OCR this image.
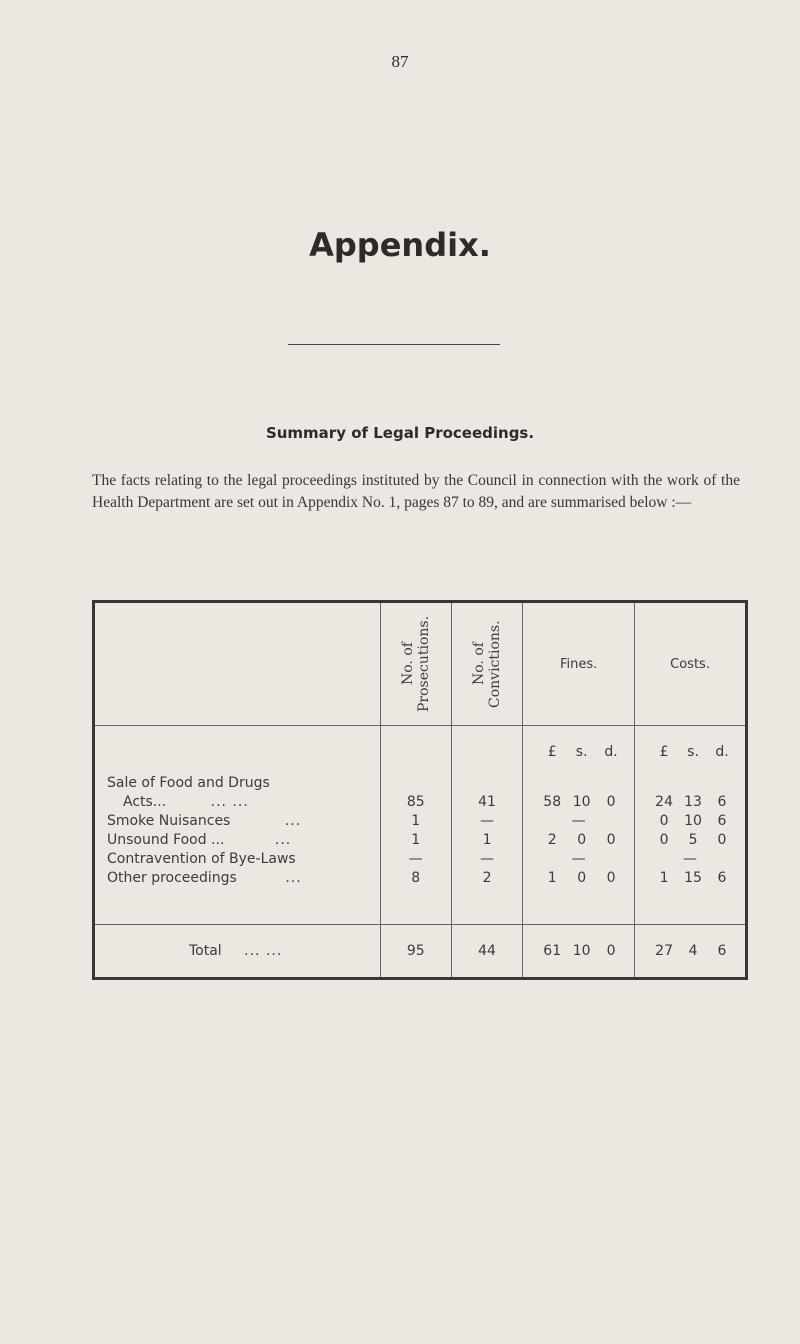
87
Appendix.
Summary of Legal Proceedings.
The facts relating to the legal proceedings instituted by the Council in connection with the work of the Health Department are set out in Appendix No. 1, pages 87 to 89, and are summarised below :—

	No. of Prosecutions.	No. of Convictions.	Fines.	Costs.

			£ s. d.	£ s. d.

Sale of Food and Drugs				
Acts... ... ...	85	41	58 10 0	24 13 6

Smoke Nuisances ...	1	—	—	0 10 6

Unsound Food ... ...	1	1	2 0 0	0 5 0

Contravention of Bye-Laws	—	—	—	—
Other proceedings ...	8	2	1 0 0	1 15 6

Total ... ...	95	44	61 10 0	27 4 6
